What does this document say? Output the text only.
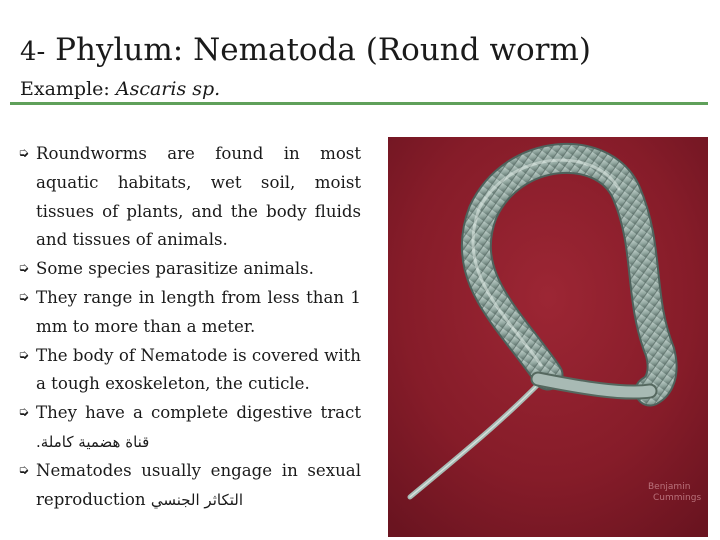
4- Phylum: Nematoda (Round worm)
Example: Ascaris sp.
➭ Roundworms are found in most aquatic habitats, wet soil, moist tissues of plants, and the body fluids and tissues of animals.
➭ Some species parasitize animals.
➭ They range in length from less than 1 mm to more than a meter.
➭ The body of Nematode is covered with a tough exoskeleton, the cuticle.
➭ They have a complete digestive tract قناة هضمية كاملة.
➭ Nematodes usually engage in sexual reproduction التكاثر الجنسي
Benjamin
Cummings
